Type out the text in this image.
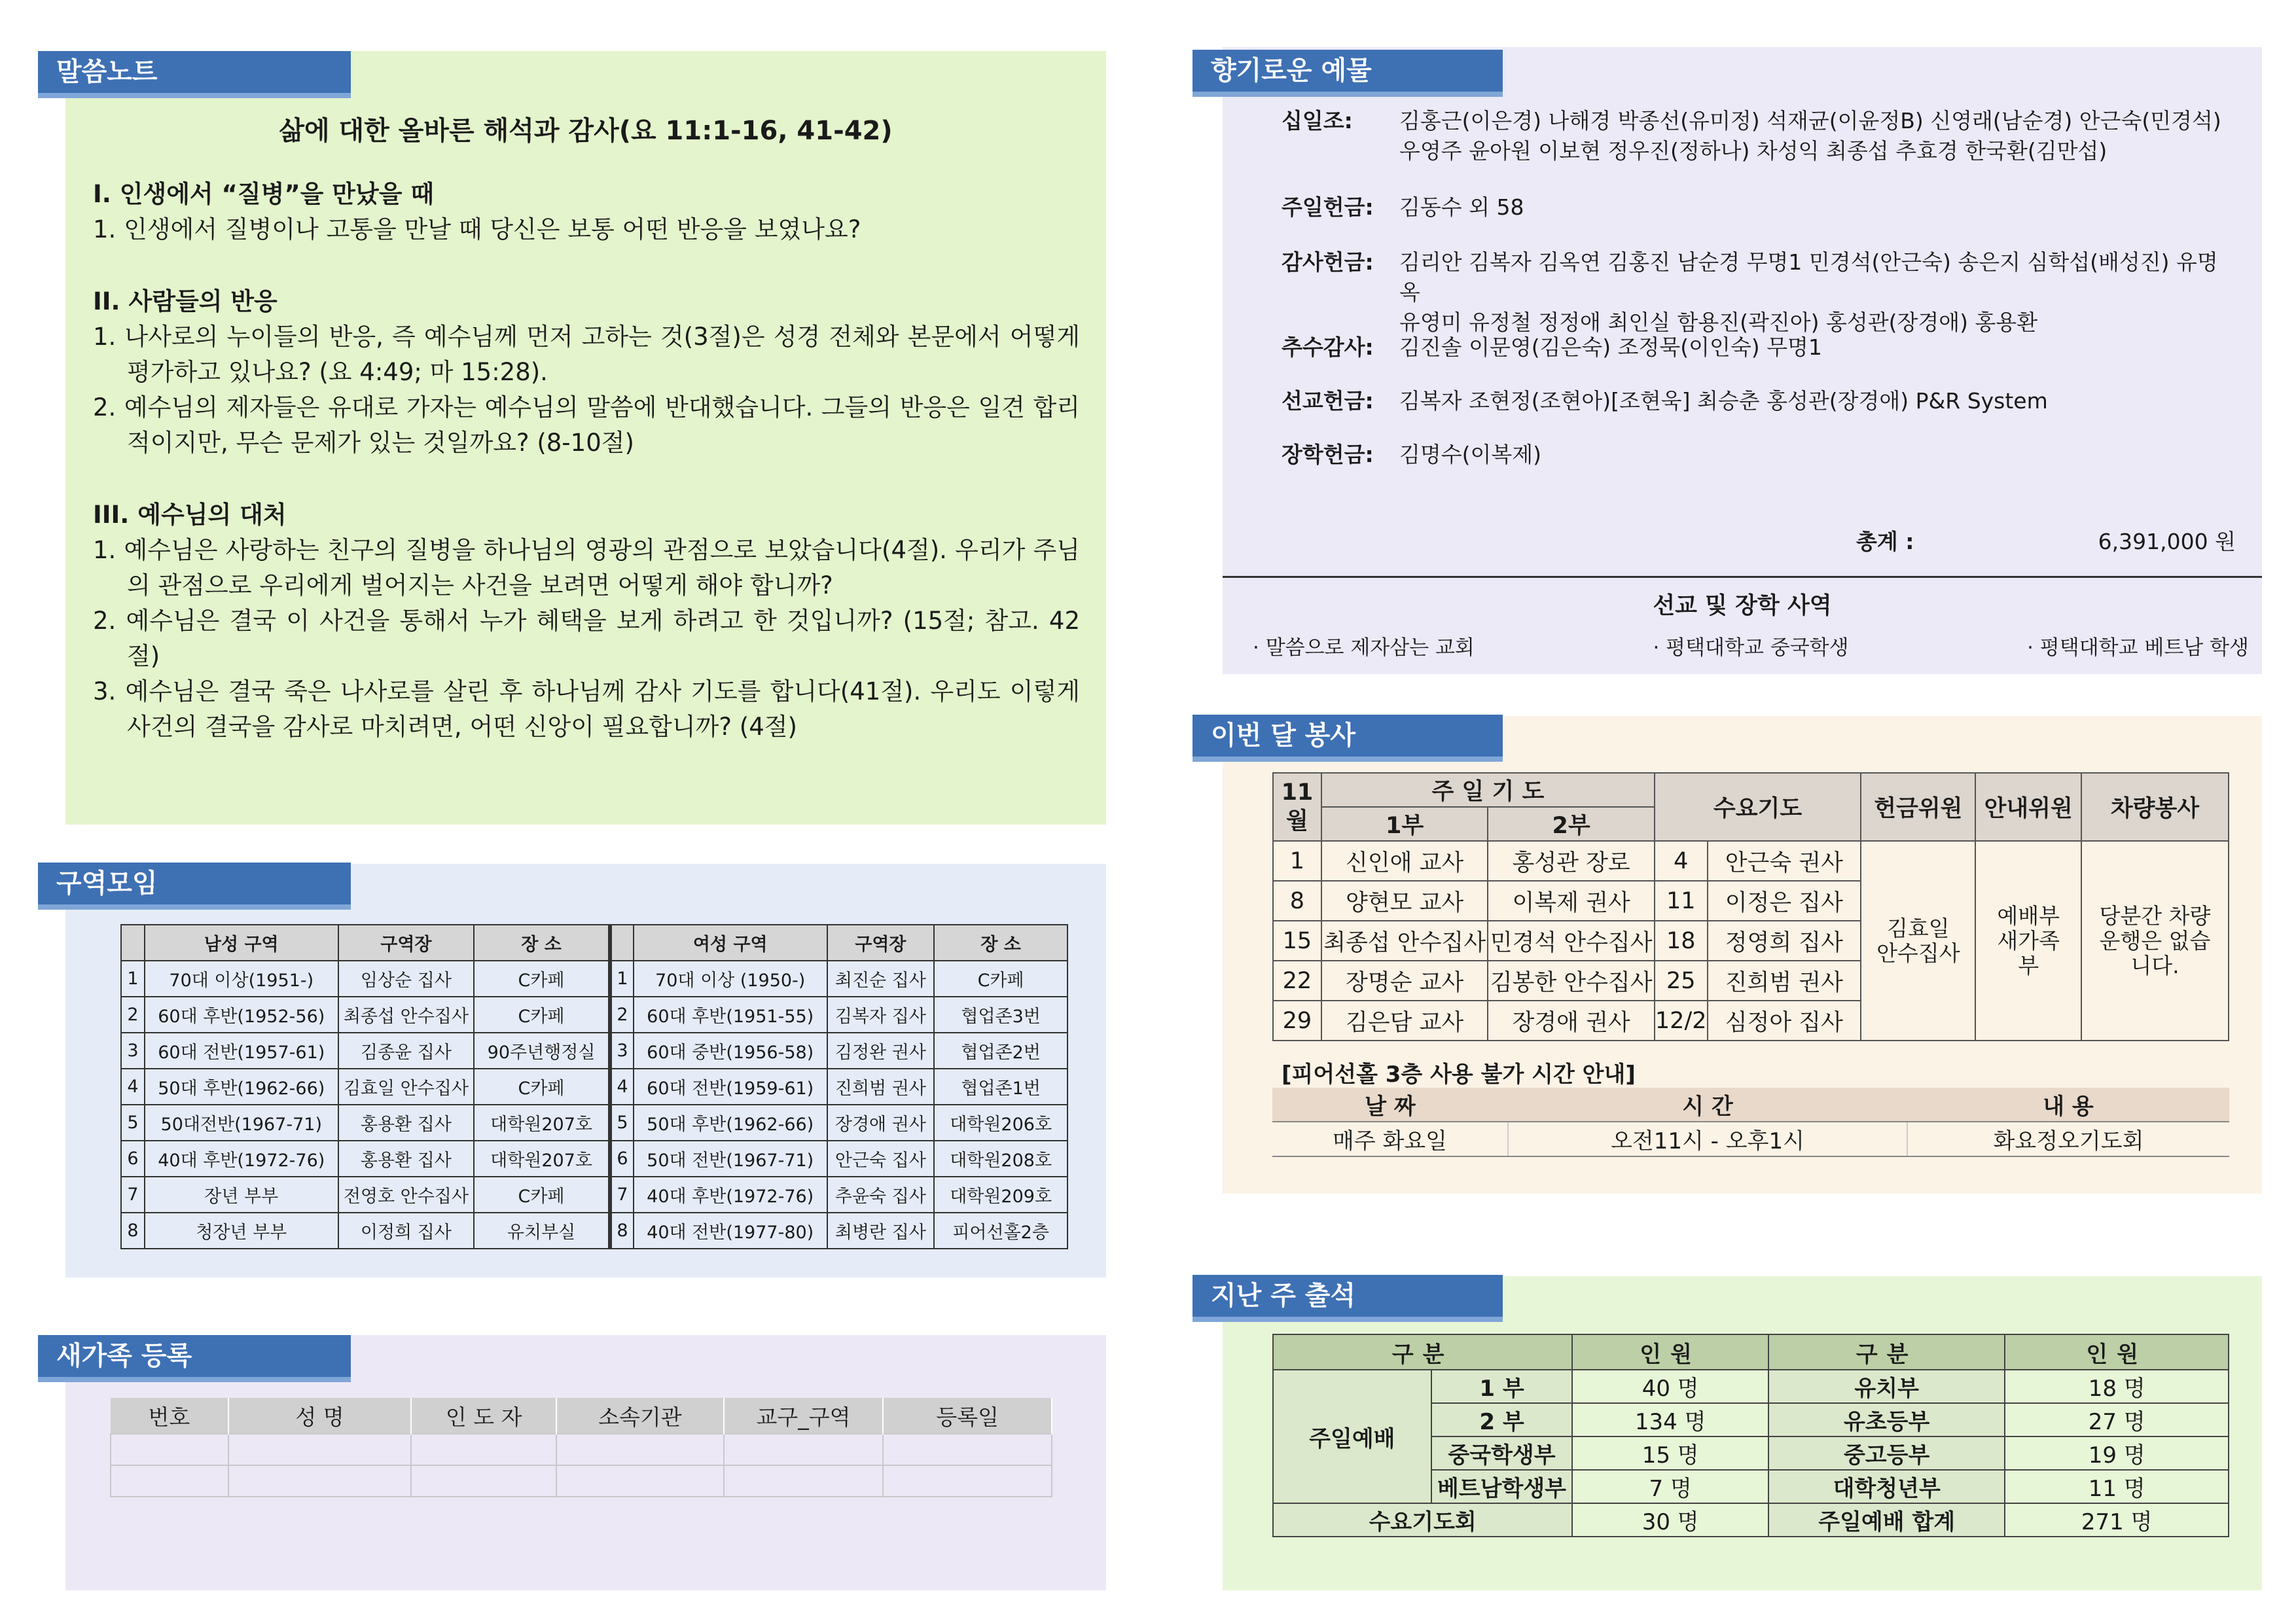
말씀노트
삶에 대한 올바른 해석과 감사(요 11:1-16, 41-42)
I. 인생에서 “질병”을 만났을 때
1. 인생에서 질병이나 고통을 만날 때 당신은 보통 어떤 반응을 보였나요?
II. 사람들의 반응
1. 나사로의 누이들의 반응, 즉 예수님께 먼저 고하는 것(3절)은 성경 전체와 본문에서 어떻게 평가하고 있나요? (요 4:49; 마 15:28).
2. 예수님의 제자들은 유대로 가자는 예수님의 말씀에 반대했습니다. 그들의 반응은 일견 합리적이지만, 무슨 문제가 있는 것일까요? (8-10절)
III. 예수님의 대처
1. 예수님은 사랑하는 친구의 질병을 하나님의 영광의 관점으로 보았습니다(4절). 우리가 주님의 관점으로 우리에게 벌어지는 사건을 보려면 어떻게 해야 합니까?
2. 예수님은 결국 이 사건을 통해서 누가 혜택을 보게 하려고 한 것입니까? (15절; 참고. 42절)
3. 예수님은 결국 죽은 나사로를 살린 후 하나님께 감사 기도를 합니다(41절). 우리도 이렇게 사건의 결국을 감사로 마치려면, 어떤 신앙이 필요합니까? (4절)
구역모임
	남성 구역	구역장	장 소		여성 구역	구역장	장 소
1	70대 이상(1951-)	임상순 집사	C카페	1	70대 이상 (1950-)	최진순 집사	C카페
2	60대 후반(1952-56)	최종섭 안수집사	C카페	2	60대 후반(1951-55)	김복자 집사	협업존3번
3	60대 전반(1957-61)	김종윤 집사	90주년행정실	3	60대 중반(1956-58)	김정완 권사	협업존2번
4	50대 후반(1962-66)	김효일 안수집사	C카페	4	60대 전반(1959-61)	진희범 권사	협업존1번
5	50대전반(1967-71)	홍용환 집사	대학원207호	5	50대 후반(1962-66)	장경애 권사	대학원206호
6	40대 후반(1972-76)	홍용환 집사	대학원207호	6	50대 전반(1967-71)	안근숙 집사	대학원208호
7	장년 부부	전영호 안수집사	C카페	7	40대 후반(1972-76)	추윤숙 집사	대학원209호
8	청장년 부부	이정희 집사	유치부실	8	40대 전반(1977-80)	최병란 집사	피어선홀2층
새가족 등록
번호	성 명	인 도 자	소속기관	교구_구역	등록일

향기로운 예물
십일조:	김홍근(이은경) 나해경 박종선(유미정) 석재균(이윤정B) 신영래(남순경) 안근숙(민경석)
우영주 윤아원 이보현 정우진(정하나) 차성익 최종섭 추효경 한국환(김만섭)
주일헌금:	김동수 외 58
감사헌금:	김리안 김복자 김옥연 김홍진 남순경 무명1 민경석(안근숙) 송은지 심학섭(배성진) 유명옥
유영미 유정철 정정애 최인실 함용진(곽진아) 홍성관(장경애) 홍용환
추수감사:	김진솔 이문영(김은숙) 조정묵(이인숙) 무명1
선교헌금:	김복자 조현정(조현아)[조현욱] 최승춘 홍성관(장경애) P&R System
장학헌금:	김명수(이복제)
총계 :	6,391,000 원
선교 및 장학 사역
· 말씀으로 제자삼는 교회	· 평택대학교 중국학생	· 평택대학교 베트남 학생
이번 달 봉사
11
월	주 일 기 도		수요기도		헌금위원	안내위원	차량봉사
	1부	2부					
1	신인애 교사	홍성관 장로	4	안근숙 권사	김효일 안수집사	예배부 새가족부	당분간 차량운행은 없습니다.
8	양현모 교사	이복제 권사	11	이정은 집사			
15	최종섭 안수집사	민경석 안수집사	18	정영희 집사			
22	장명순 교사	김봉한 안수집사	25	진희범 권사			
29	김은담 교사	장경애 권사	12/2	심정아 집사			
[피어선홀 3층 사용 불가 시간 안내]
날 짜	시 간	내 용
매주 화요일	오전11시 - 오후1시	화요정오기도회
지난 주 출석
구분		인원	구분	인원
주일예배	1 부	40 명	유치부	18 명
	2 부	134 명	유초등부	27 명
	중국학생부	15 명	중고등부	19 명
	베트남학생부	7 명	대학청년부	11 명
수요기도회		30 명	주일예배 합계	271 명
